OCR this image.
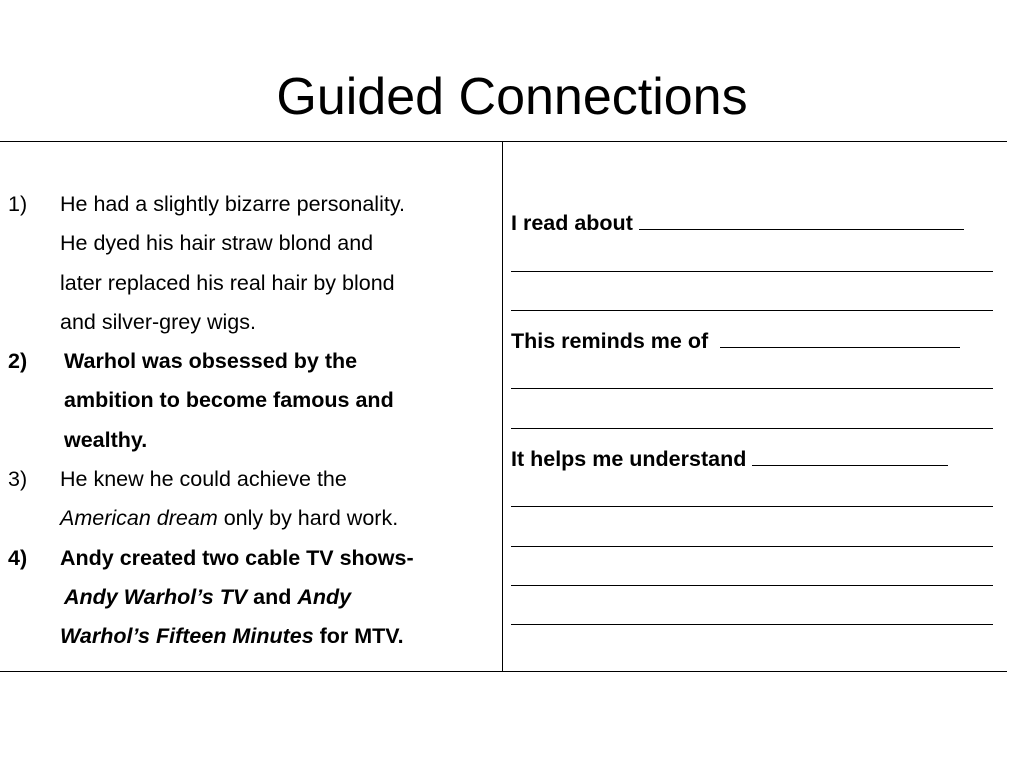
Guided Connections
1) He had a slightly bizarre personality.
He dyed his hair straw blond and
later replaced his real hair by blond
and silver-grey wigs.
2) Warhol was obsessed by the
ambition to become famous and
wealthy.
3) He knew he could achieve the
American dream only by hard work.
4) Andy created two cable TV shows-
Andy Warhol’s TV and Andy
Warhol’s Fifteen Minutes for MTV.
I read about
This reminds me of
It helps me understand
